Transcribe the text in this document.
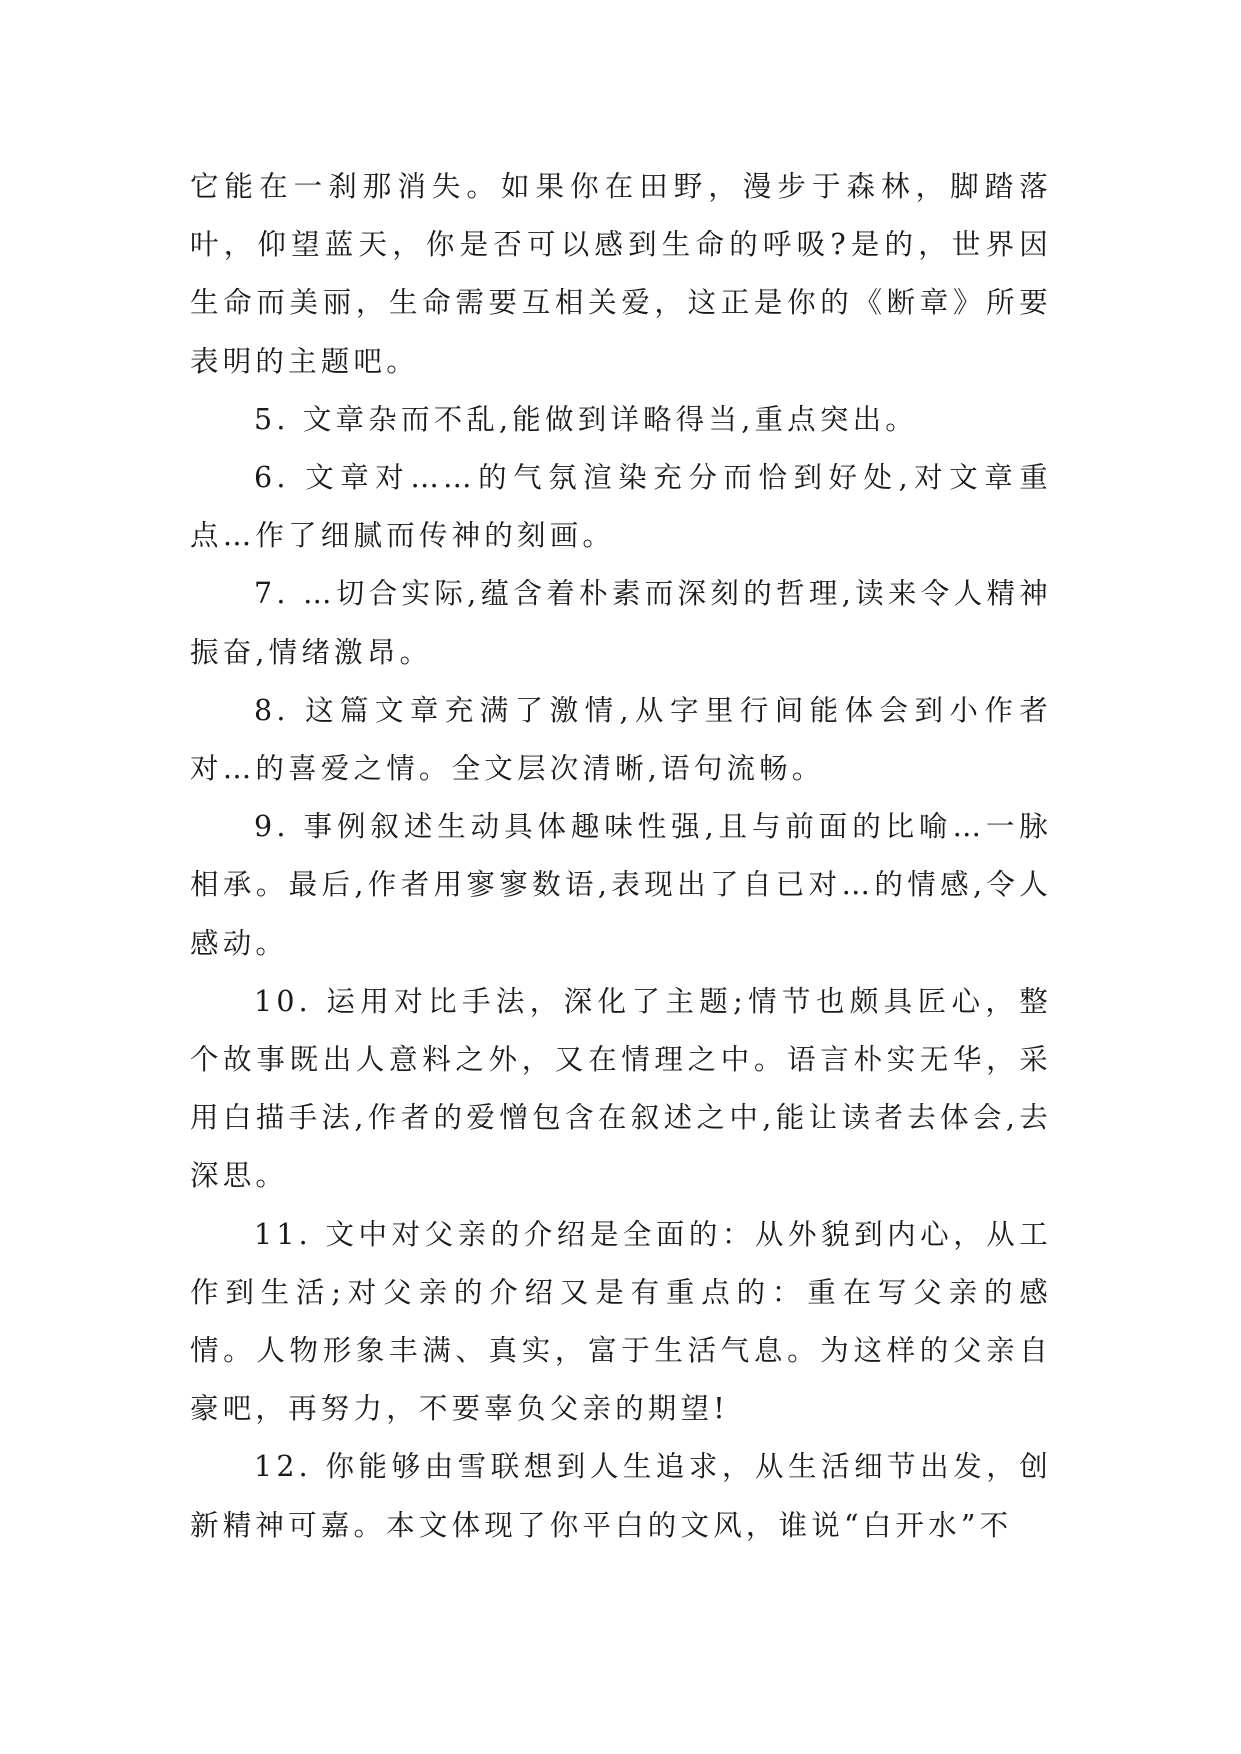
它能在一刹那消失。如果你在田野，漫步于森林，脚踏落叶，仰望蓝天，你是否可以感到生命的呼吸?是的，世界因生命而美丽，生命需要互相关爱，这正是你的《断章》所要表明的主题吧。

5. 文章杂而不乱,能做到详略得当,重点突出。

6. 文章对……的气氛渲染充分而恰到好处,对文章重点…作了细腻而传神的刻画。

7. …切合实际,蕴含着朴素而深刻的哲理,读来令人精神振奋,情绪激昂。

8. 这篇文章充满了激情,从字里行间能体会到小作者对…的喜爱之情。全文层次清晰,语句流畅。

9. 事例叙述生动具体趣味性强,且与前面的比喻…一脉相承。最后,作者用寥寥数语,表现出了自已对…的情感,令人感动。

10. 运用对比手法，深化了主题;情节也颇具匠心，整个故事既出人意料之外，又在情理之中。语言朴实无华，采用白描手法,作者的爱憎包含在叙述之中,能让读者去体会,去深思。

11. 文中对父亲的介绍是全面的：从外貌到内心，从工作到生活;对父亲的介绍又是有重点的：重在写父亲的感情。人物形象丰满、真实，富于生活气息。为这样的父亲自豪吧，再努力，不要辜负父亲的期望!

12. 你能够由雪联想到人生追求，从生活细节出发，创新精神可嘉。本文体现了你平白的文风，谁说“白开水”不
